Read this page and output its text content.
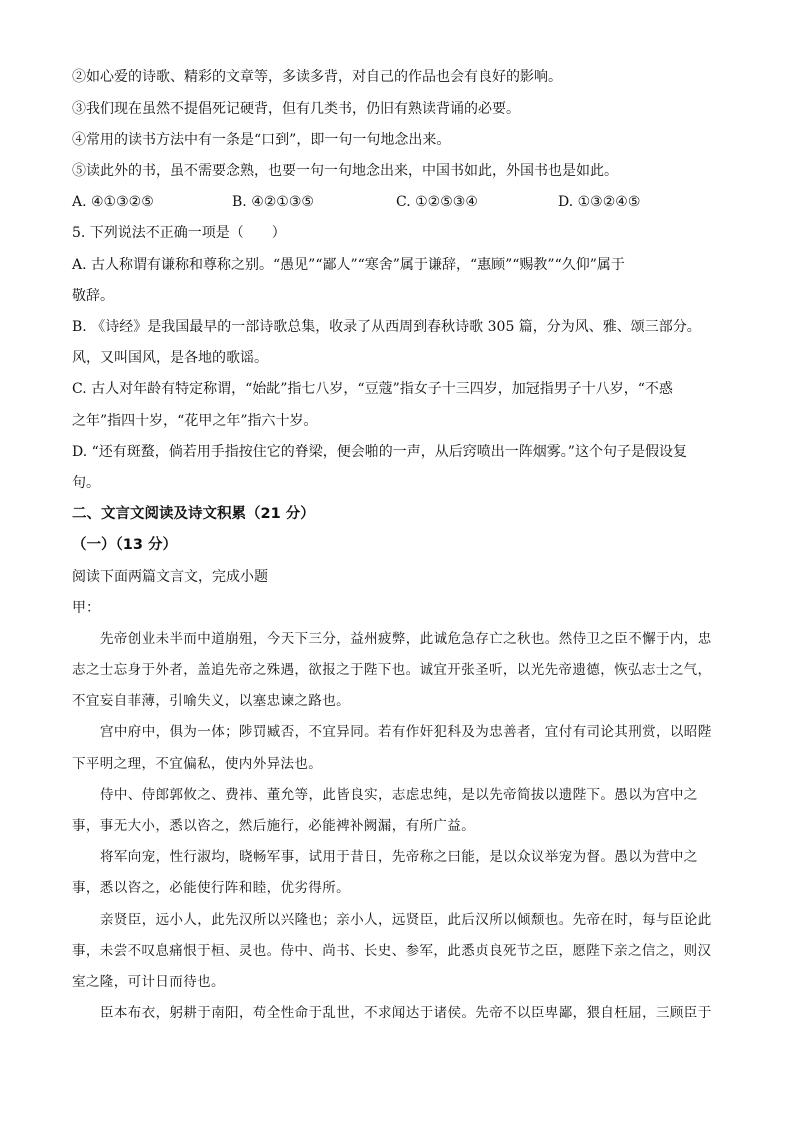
②如心爱的诗歌、精彩的文章等，多读多背，对自己的作品也会有良好的影响。
③我们现在虽然不提倡死记硬背，但有几类书，仍旧有熟读背诵的必要。
④常用的读书方法中有一条是“口到”，即一句一句地念出来。
⑤读此外的书，虽不需要念熟，也要一句一句地念出来，中国书如此，外国书也是如此。
A. ④①③②⑤	B. ④②①③⑤	C. ①②⑤③④	D. ①③②④⑤
5. 下列说法不正确一项是（　　）
A. 古人称谓有谦称和尊称之别。“愚见”“鄙人”“寒舍”属于谦辞，“惠顾”“赐教”“久仰”属于
敬辞。
B. 《诗经》是我国最早的一部诗歌总集，收录了从西周到春秋诗歌 305 篇，分为风、雅、颂三部分。
风，又叫国风，是各地的歌谣。
C. 古人对年龄有特定称谓，“始龀”指七八岁，“豆蔻”指女子十三四岁，加冠指男子十八岁，“不惑
之年”指四十岁，“花甲之年”指六十岁。
D. “还有斑蝥，倘若用手指按住它的脊梁，便会啪的一声，从后窍喷出一阵烟雾。”这个句子是假设复
句。
二、文言文阅读及诗文积累（21 分）
（一）（13 分）
阅读下面两篇文言文，完成小题
甲：
先帝创业未半而中道崩殂，今天下三分，益州疲弊，此诚危急存亡之秋也。然侍卫之臣不懈于内，忠
志之士忘身于外者，盖追先帝之殊遇，欲报之于陛下也。诚宜开张圣听，以光先帝遗德，恢弘志士之气，
不宜妄自菲薄，引喻失义，以塞忠谏之路也。
宫中府中，俱为一体；陟罚臧否，不宜异同。若有作奸犯科及为忠善者，宜付有司论其刑赏，以昭陛
下平明之理，不宜偏私，使内外异法也。
侍中、侍郎郭攸之、费祎、董允等，此皆良实，志虑忠纯，是以先帝简拔以遗陛下。愚以为宫中之
事，事无大小，悉以咨之，然后施行，必能裨补阙漏，有所广益。
将军向宠，性行淑均，晓畅军事，试用于昔日，先帝称之曰能，是以众议举宠为督。愚以为营中之
事，悉以咨之，必能使行阵和睦，优劣得所。
亲贤臣，远小人，此先汉所以兴隆也；亲小人，远贤臣，此后汉所以倾颓也。先帝在时，每与臣论此
事，未尝不叹息痛恨于桓、灵也。侍中、尚书、长史、参军，此悉贞良死节之臣，愿陛下亲之信之，则汉
室之隆，可计日而待也。
臣本布衣，躬耕于南阳，苟全性命于乱世，不求闻达于诸侯。先帝不以臣卑鄙，猥自枉屈，三顾臣于
